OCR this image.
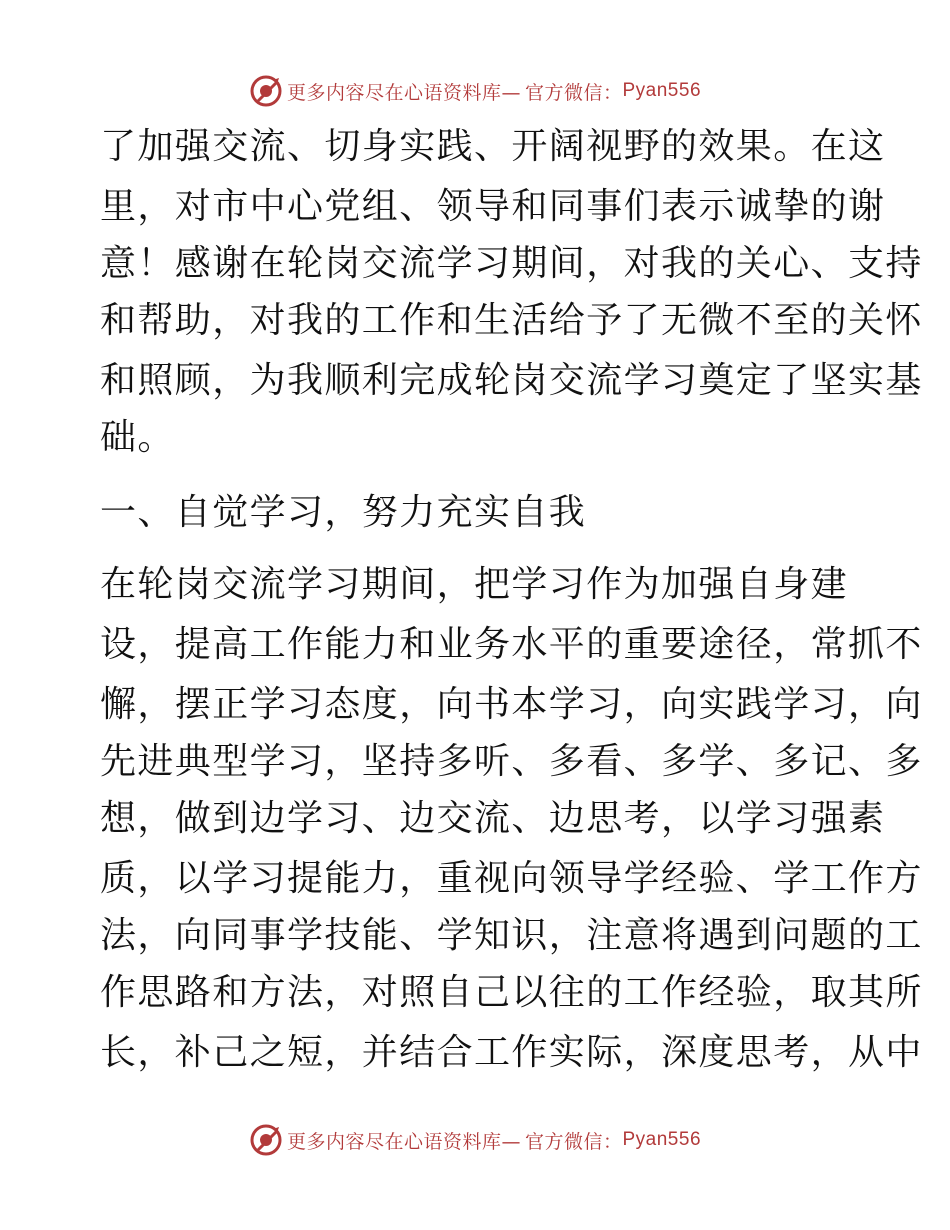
更多内容尽在心语资料库— 官方微信： Pyan556
了加强交流、切身实践、开阔视野的效果。在这
里，对市中心党组、领导和同事们表示诚挚的谢
意！感谢在轮岗交流学习期间，对我的关心、支持
和帮助，对我的工作和生活给予了无微不至的关怀
和照顾，为我顺利完成轮岗交流学习奠定了坚实基
础。
一、自觉学习，努力充实自我
在轮岗交流学习期间，把学习作为加强自身建
设，提高工作能力和业务水平的重要途径，常抓不
懈，摆正学习态度，向书本学习，向实践学习，向
先进典型学习，坚持多听、多看、多学、多记、多
想，做到边学习、边交流、边思考，以学习强素
质，以学习提能力，重视向领导学经验、学工作方
法，向同事学技能、学知识，注意将遇到问题的工
作思路和方法，对照自己以往的工作经验，取其所
长，补己之短，并结合工作实际，深度思考，从中
更多内容尽在心语资料库— 官方微信： Pyan556
